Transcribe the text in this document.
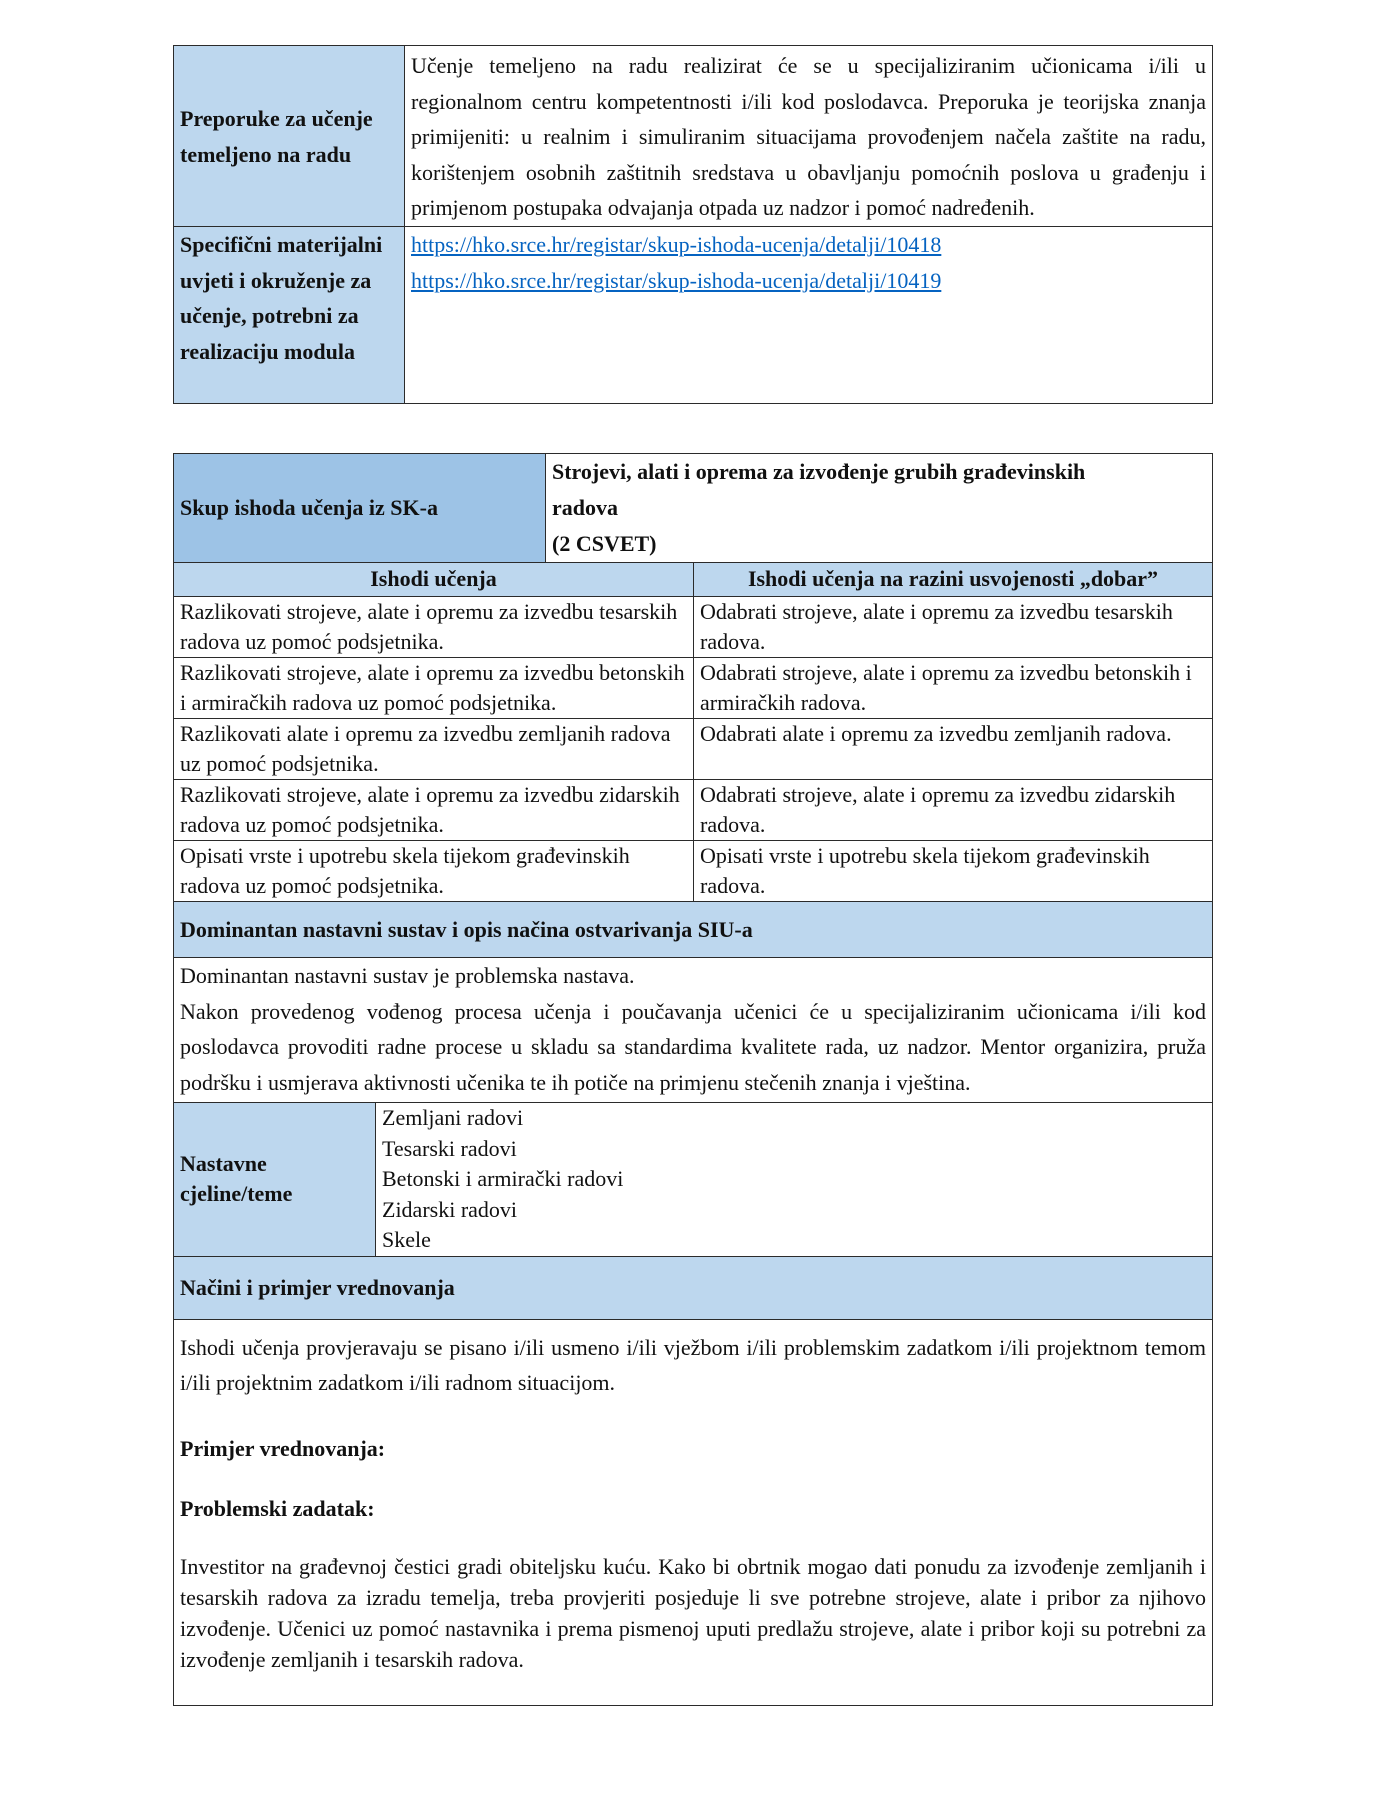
Preporuke za učenje temeljeno na radu	Učenje temeljeno na radu realizirat će se u specijaliziranim učionicama i/ili u regionalnom centru kompetentnosti i/ili kod poslodavca. Preporuka je teorijska znanja primijeniti: u realnim i simuliranim situacijama provođenjem načela zaštite na radu, korištenjem osobnih zaštitnih sredstava u obavljanju pomoćnih poslova u građenju i primjenom postupaka odvajanja otpada uz nadzor i pomoć nadređenih.
Specifični materijalni uvjeti i okruženje za učenje, potrebni za realizaciju modula	https://hko.srce.hr/registar/skup-ishoda-ucenja/detalji/10418
https://hko.srce.hr/registar/skup-ishoda-ucenja/detalji/10419
Skup ishoda učenja iz SK-a		Strojevi, alati i oprema za izvođenje grubih građevinskih
radova
(2 CSVET)	

Ishodi učenja			Ishodi učenja na razini usvojenosti „dobar”
Razlikovati strojeve, alate i opremu za izvedbu tesarskih radova uz pomoć podsjetnika.			Odabrati strojeve, alate i opremu za izvedbu tesarskih radova.
Razlikovati strojeve, alate i opremu za izvedbu betonskih i armiračkih radova uz pomoć podsjetnika.			Odabrati strojeve, alate i opremu za izvedbu betonskih i armiračkih radova.
Razlikovati alate i opremu za izvedbu zemljanih radova uz pomoć podsjetnika.			Odabrati alate i opremu za izvedbu zemljanih radova.
Razlikovati strojeve, alate i opremu za izvedbu zidarskih radova uz pomoć podsjetnika.			Odabrati strojeve, alate i opremu za izvedbu zidarskih radova.
Opisati vrste i upotrebu skela tijekom građevinskih radova uz pomoć podsjetnika.			Opisati vrste i upotrebu skela tijekom građevinskih radova.
Dominantan nastavni sustav i opis načina ostvarivanja SIU-a			

Dominantan nastavni sustav je problemska nastava.
Nakon provedenog vođenog procesa učenja i poučavanja učenici će u specijaliziranim učionicama i/ili kod poslodavca provoditi radne procese u skladu sa standardima kvalitete rada, uz nadzor. Mentor organizira, pruža podršku i usmjerava aktivnosti učenika te ih potiče na primjenu stečenih znanja i vještina.			

Nastavne cjeline/teme	Zemljani radovi
Tesarski radovi
Betonski i armirački radovi
Zidarski radovi
Skele		

Načini i primjer vrednovanja			

Ishodi učenja provjeravaju se pisano i/ili usmeno i/ili vježbom i/ili problemskim zadatkom i/ili projektnom temom i/ili projektnim zadatkom i/ili radnom situacijom.

Primjer vrednovanja:

Problemski zadatak:

Investitor na građevnoj čestici gradi obiteljsku kuću. Kako bi obrtnik mogao dati ponudu za izvođenje zemljanih i tesarskih radova za izradu temelja, treba provjeriti posjeduje li sve potrebne strojeve, alate i pribor za njihovo izvođenje. Učenici uz pomoć nastavnika i prema pismenoj uputi predlažu strojeve, alate i pribor koji su potrebni za izvođenje zemljanih i tesarskih radova.			
